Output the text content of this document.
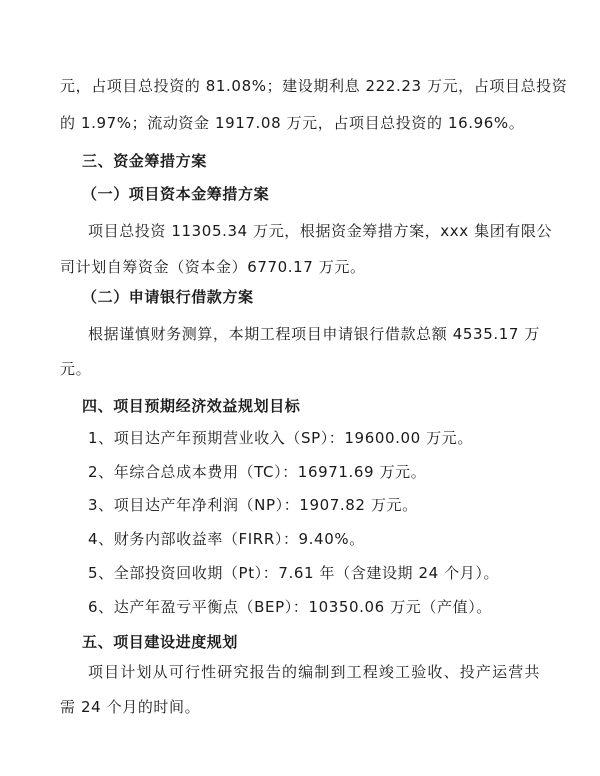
元，占项目总投资的 81.08%；建设期利息 222.23 万元，占项目总投资
的 1.97%；流动资金 1917.08 万元，占项目总投资的 16.96%。
三、资金筹措方案
（一）项目资本金筹措方案
项目总投资 11305.34 万元，根据资金筹措方案，xxx 集团有限公
司计划自筹资金（资本金）6770.17 万元。
（二）申请银行借款方案
根据谨慎财务测算，本期工程项目申请银行借款总额 4535.17 万
元。
四、项目预期经济效益规划目标
1、项目达产年预期营业收入（SP）：19600.00 万元。
2、年综合总成本费用（TC）：16971.69 万元。
3、项目达产年净利润（NP）：1907.82 万元。
4、财务内部收益率（FIRR）：9.40%。
5、全部投资回收期（Pt）：7.61 年（含建设期 24 个月）。
6、达产年盈亏平衡点（BEP）：10350.06 万元（产值）。
五、项目建设进度规划
项目计划从可行性研究报告的编制到工程竣工验收、投产运营共
需 24 个月的时间。
